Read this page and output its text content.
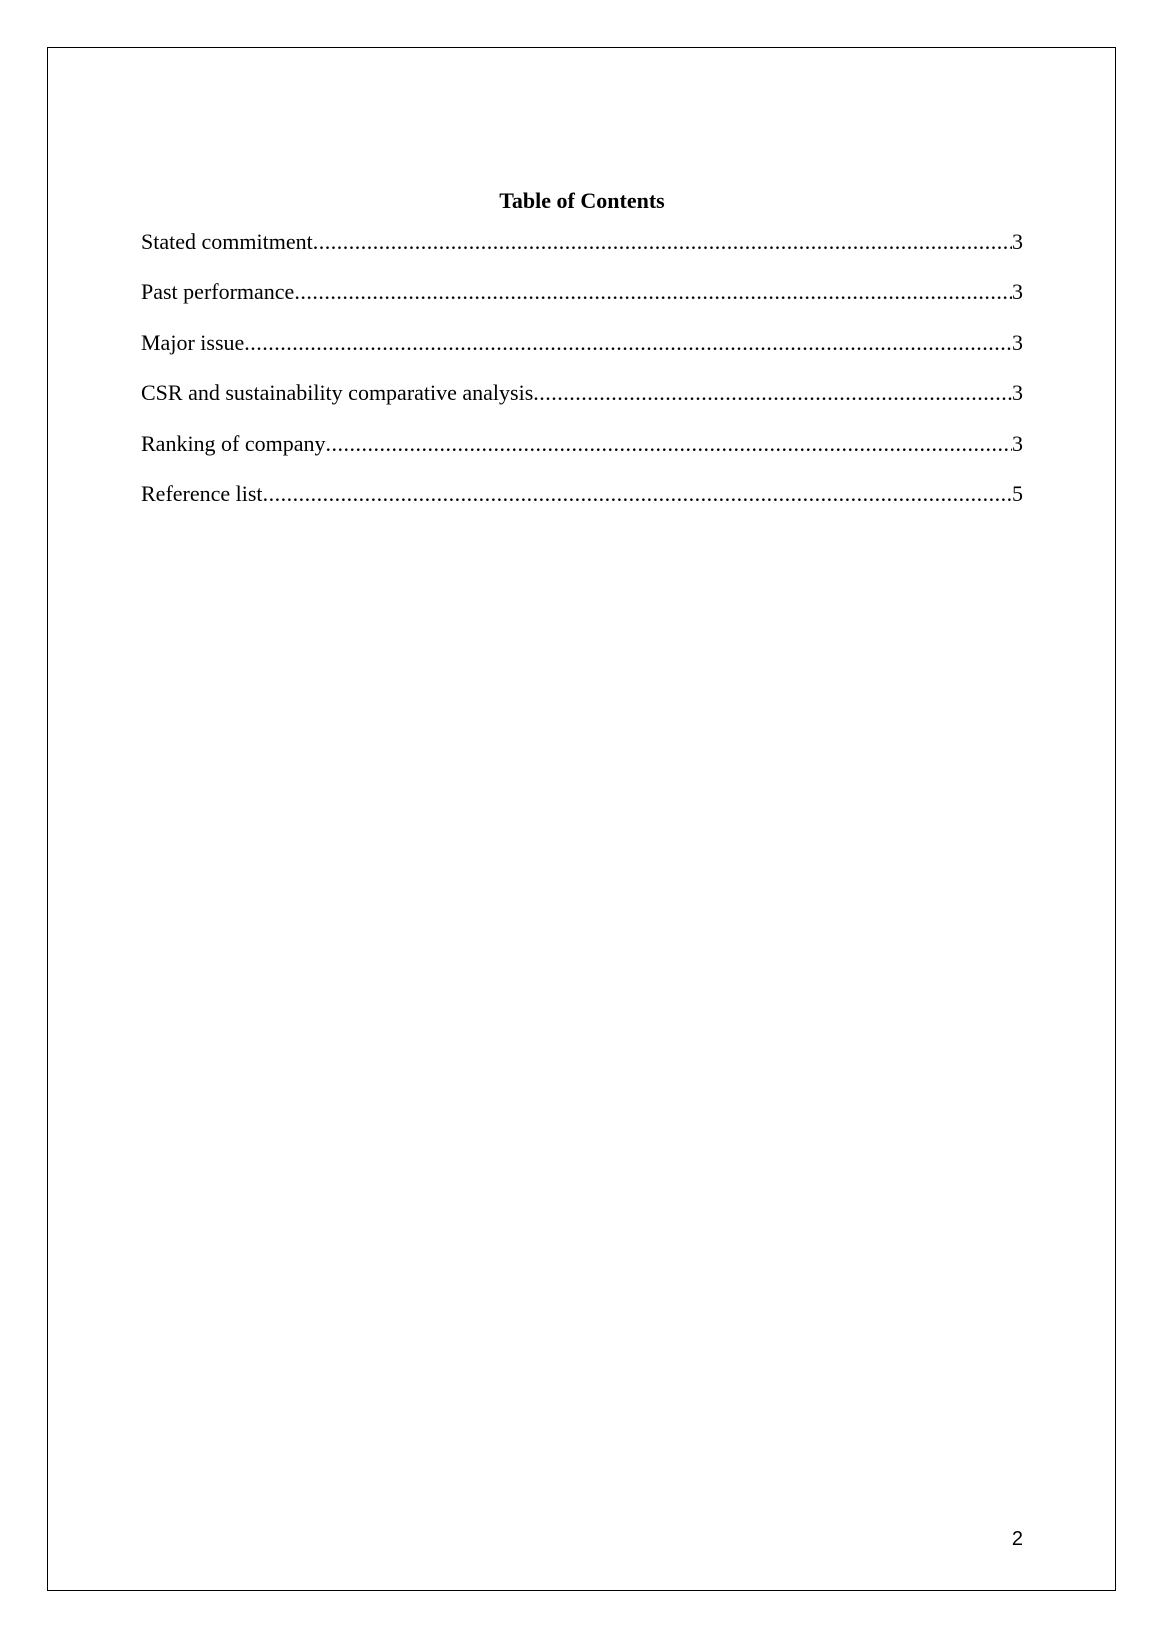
Table of Contents
Stated commitment .....	3
Past performance .....	3
Major issue .....	3
CSR and sustainability comparative analysis .....	3
Ranking of company .....	3
Reference list .....	5
2
